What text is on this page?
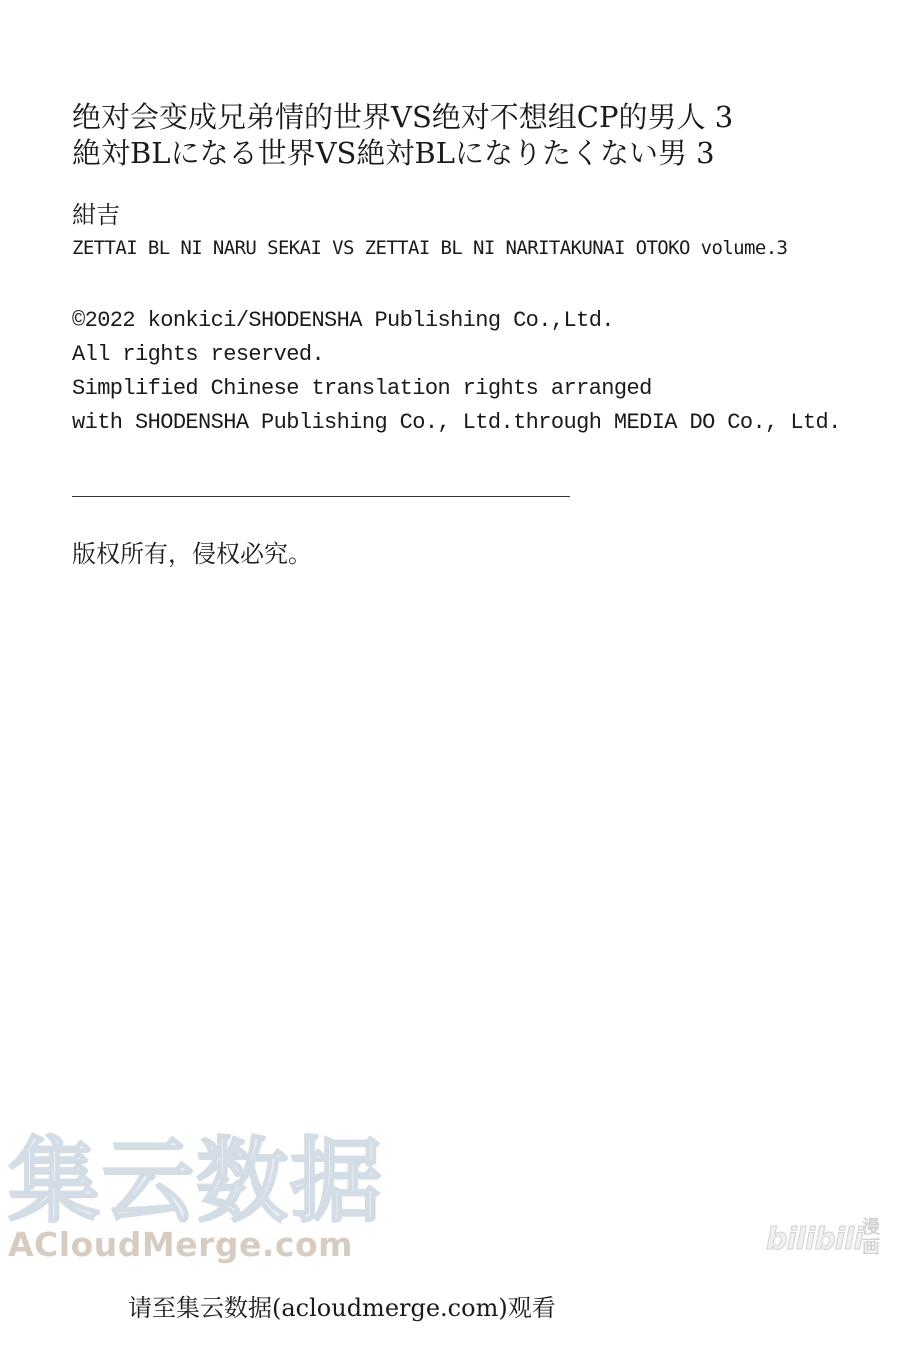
绝对会变成兄弟情的世界VS绝对不想组CP的男人 3
絶対BLになる世界VS絶対BLになりたくない男 3
紺吉
ZETTAI BL NI NARU SEKAI VS ZETTAI BL NI NARITAKUNAI OTOKO volume.3
©2022 konkici/SHODENSHA Publishing Co.,Ltd.
All rights reserved.
Simplified Chinese translation rights arranged
with SHODENSHA Publishing Co., Ltd.through MEDIA DO Co., Ltd.
版权所有，侵权必究。
集云数据
ACloudMerge.com	bilibili 漫画
请至集云数据(acloudmerge.com)观看
